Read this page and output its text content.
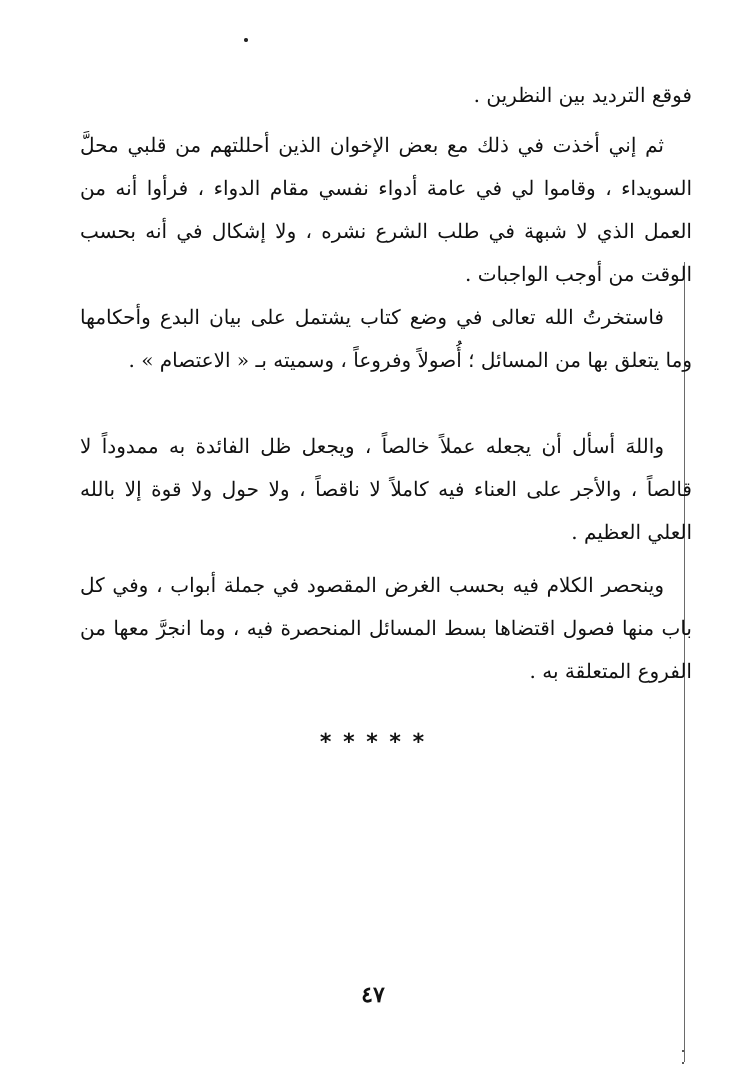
فوقع الترديد بين النظرين .

ثم إني أخذت في ذلك مع بعض الإخوان الذين أحللتهم من قلبي محلَّ السويداء ، وقاموا لي في عامة أدواء نفسي مقام الدواء ، فرأوا أنه من العمل الذي لا شبهة في طلب الشرع نشره ، ولا إشكال في أنه بحسب الوقت من أوجب الواجبات .

فاستخرتُ الله تعالى في وضع كتاب يشتمل على بيان البدع وأحكامها وما يتعلق بها من المسائل ؛ أُصولاً وفروعاً ، وسميته بـ « الاعتصام » .

واللهَ أسأل أن يجعله عملاً خالصاً ، ويجعل ظل الفائدة به ممدوداً لا قالصاً ، والأجر على العناء فيه كاملاً لا ناقصاً ، ولا حول ولا قوة إلا بالله العلي العظيم .

وينحصر الكلام فيه بحسب الغرض المقصود في جملة أبواب ، وفي كل باب منها فصول اقتضاها بسط المسائل المنحصرة فيه ، وما انجرَّ معها من الفروع المتعلقة به .

* * * * *
٤٧
